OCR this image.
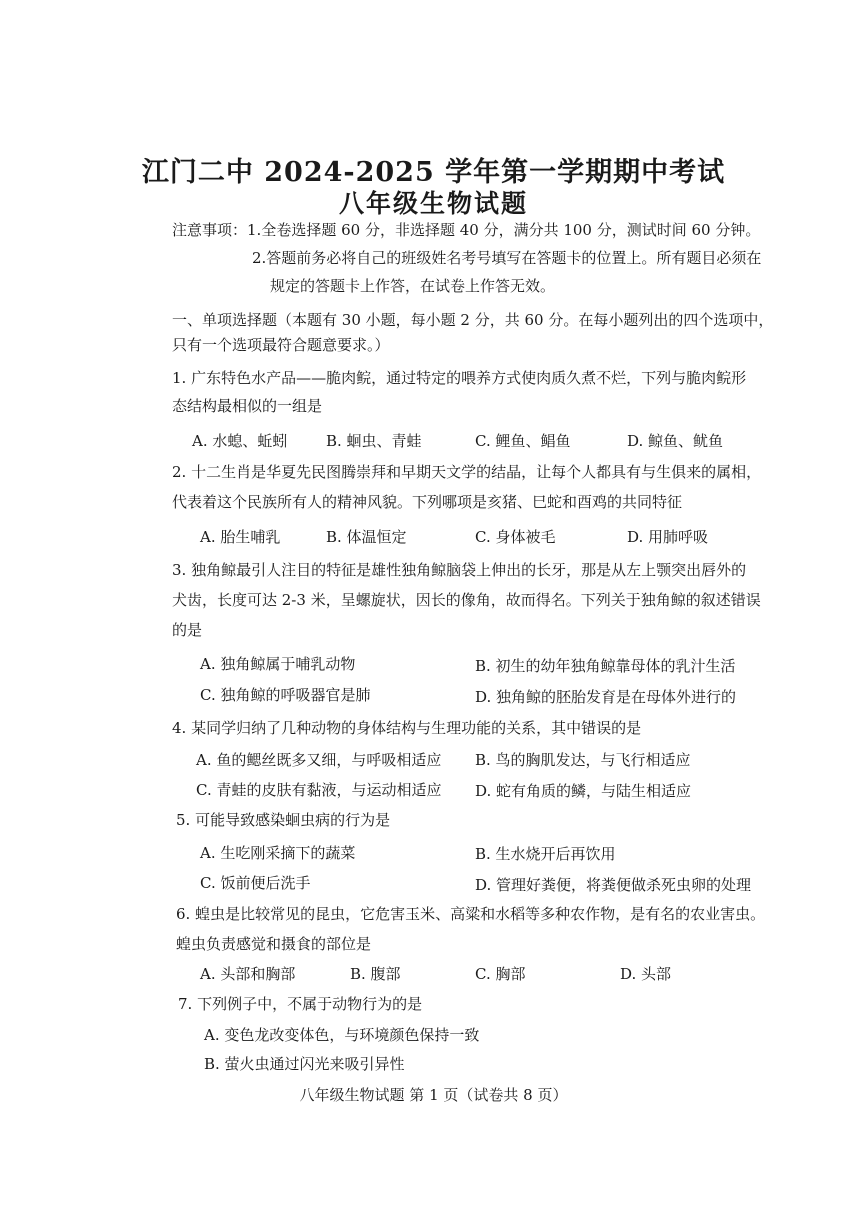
江门二中 2024-2025 学年第一学期期中考试
八年级生物试题
注意事项：1.全卷选择题 60 分，非选择题 40 分，满分共 100 分，测试时间 60 分钟。
2.答题前务必将自己的班级姓名考号填写在答题卡的位置上。所有题目必须在
规定的答题卡上作答，在试卷上作答无效。
一、单项选择题（本题有 30 小题，每小题 2 分，共 60 分。在每小题列出的四个选项中，
只有一个选项最符合题意要求。）
1. 广东特色水产品——脆肉鲩，通过特定的喂养方式使肉质久煮不烂，下列与脆肉鲩形
态结构最相似的一组是
A. 水螅、蚯蚓	B. 蛔虫、青蛙	C. 鲤鱼、鲳鱼	D. 鲸鱼、鱿鱼
2. 十二生肖是华夏先民图腾崇拜和早期天文学的结晶，让每个人都具有与生俱来的属相，
代表着这个民族所有人的精神风貌。下列哪项是亥猪、巳蛇和酉鸡的共同特征
A. 胎生哺乳	B. 体温恒定	C. 身体被毛	D. 用肺呼吸
3. 独角鲸最引人注目的特征是雄性独角鲸脑袋上伸出的长牙，那是从左上颚突出唇外的
犬齿，长度可达 2-3 米，呈螺旋状，因长的像角，故而得名。下列关于独角鲸的叙述错误
的是
A. 独角鲸属于哺乳动物	B. 初生的幼年独角鲸靠母体的乳汁生活
C. 独角鲸的呼吸器官是肺	D. 独角鲸的胚胎发育是在母体外进行的
4. 某同学归纳了几种动物的身体结构与生理功能的关系，其中错误的是
A. 鱼的鳃丝既多又细，与呼吸相适应 B. 鸟的胸肌发达，与飞行相适应
C. 青蛙的皮肤有黏液，与运动相适应 D. 蛇有角质的鳞，与陆生相适应
5. 可能导致感染蛔虫病的行为是
A. 生吃刚采摘下的蔬菜	B. 生水烧开后再饮用
C. 饭前便后洗手	D. 管理好粪便，将粪便做杀死虫卵的处理
6. 蝗虫是比较常见的昆虫，它危害玉米、高粱和水稻等多种农作物，是有名的农业害虫。
蝗虫负责感觉和摄食的部位是
A. 头部和胸部	B. 腹部	C. 胸部	D. 头部
7. 下列例子中，不属于动物行为的是
A. 变色龙改变体色，与环境颜色保持一致
B. 萤火虫通过闪光来吸引异性
八年级生物试题 第 1 页（试卷共 8 页）
